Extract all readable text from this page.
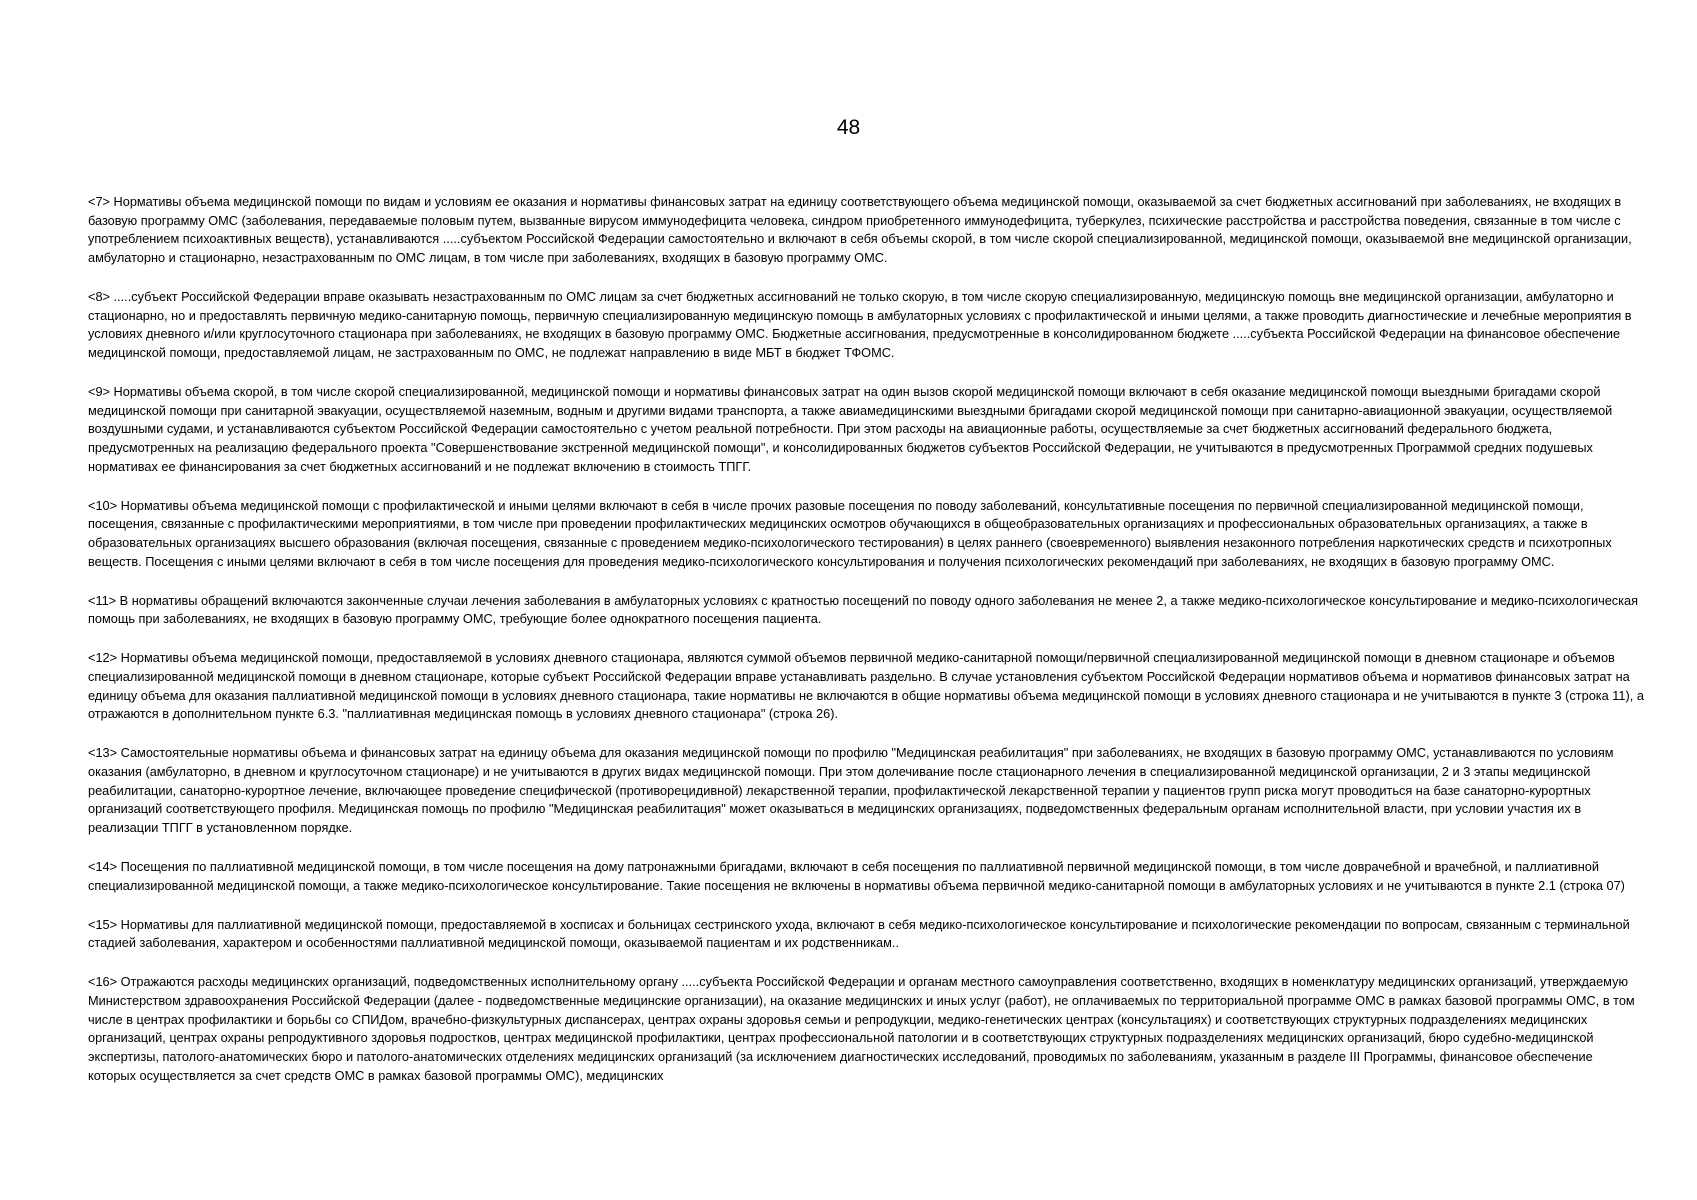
48

<7> Нормативы объема медицинской помощи по видам и условиям ее оказания и нормативы финансовых затрат на единицу соответствующего объема медицинской помощи, оказываемой за счет бюджетных ассигнований при заболеваниях, не входящих в базовую программу ОМС (заболевания, передаваемые половым путем, вызванные вирусом иммунодефицита человека, синдром приобретенного иммунодефицита, туберкулез, психические расстройства и расстройства поведения, связанные в том числе с употреблением психоактивных веществ), устанавливаются .....субъектом Российской Федерации самостоятельно и включают в себя объемы скорой, в том числе скорой специализированной, медицинской помощи, оказываемой вне медицинской организации, амбулаторно и стационарно, незастрахованным по ОМС лицам, в том числе при заболеваниях, входящих в базовую программу ОМС.

<8> .....субъект Российской Федерации вправе оказывать незастрахованным по ОМС лицам за счет бюджетных ассигнований не только скорую, в том числе скорую специализированную, медицинскую помощь вне медицинской организации, амбулаторно и стационарно, но и предоставлять первичную медико-санитарную помощь, первичную специализированную медицинскую помощь в амбулаторных условиях с профилактической и иными целями, а также проводить диагностические и лечебные мероприятия в условиях дневного и/или круглосуточного стационара при заболеваниях, не входящих в базовую программу ОМС. Бюджетные ассигнования, предусмотренные в консолидированном бюджете .....субъекта Российской Федерации на финансовое обеспечение медицинской помощи, предоставляемой лицам, не застрахованным по ОМС, не подлежат направлению в виде МБТ в бюджет ТФОМС.

<9> Нормативы объема скорой, в том числе скорой специализированной, медицинской помощи и нормативы финансовых затрат на один вызов скорой медицинской помощи включают в себя оказание медицинской помощи выездными бригадами скорой медицинской помощи при санитарной эвакуации, осуществляемой наземным, водным и другими видами транспорта, а также авиамедицинскими выездными бригадами скорой медицинской помощи при санитарно-авиационной эвакуации, осуществляемой воздушными судами, и устанавливаются субъектом Российской Федерации самостоятельно с учетом реальной потребности. При этом расходы на авиационные работы, осуществляемые за счет бюджетных ассигнований федерального бюджета, предусмотренных на реализацию федерального проекта "Совершенствование экстренной медицинской помощи", и консолидированных бюджетов субъектов Российской Федерации, не учитываются в предусмотренных Программой средних подушевых нормативах ее финансирования за счет бюджетных ассигнований и не подлежат включению в стоимость ТПГГ.

<10> Нормативы объема медицинской помощи с профилактической и иными целями включают в себя в числе прочих разовые посещения по поводу заболеваний, консультативные посещения по первичной специализированной медицинской помощи, посещения, связанные с профилактическими мероприятиями, в том числе при проведении профилактических медицинских осмотров обучающихся в общеобразовательных организациях и профессиональных образовательных организациях, а также в образовательных организациях высшего образования (включая посещения, связанные с проведением медико-психологического тестирования) в целях раннего (своевременного) выявления незаконного потребления наркотических средств и психотропных веществ. Посещения с иными целями включают в себя в том числе посещения для проведения медико-психологического консультирования и получения психологических рекомендаций при заболеваниях, не входящих в базовую программу ОМС.

<11> В нормативы обращений включаются законченные случаи лечения заболевания в амбулаторных условиях с кратностью посещений по поводу одного заболевания не менее 2, а также медико-психологическое консультирование и медико-психологическая помощь при заболеваниях, не входящих в базовую программу ОМС, требующие более однократного посещения пациента.

<12> Нормативы объема медицинской помощи, предоставляемой в условиях дневного стационара, являются суммой объемов первичной медико-санитарной помощи/первичной специализированной медицинской помощи в дневном стационаре и объемов специализированной медицинской помощи в дневном стационаре, которые субъект Российской Федерации вправе устанавливать раздельно. В случае установления субъектом Российской Федерации нормативов объема и нормативов финансовых затрат на единицу объема для оказания паллиативной медицинской помощи в условиях дневного стационара, такие нормативы не включаются в общие нормативы объема медицинской помощи в условиях дневного стационара и не учитываются в пункте 3 (строка 11), а отражаются в дополнительном пункте 6.3. "паллиативная медицинская помощь в условиях дневного стационара" (строка 26).

<13> Самостоятельные нормативы объема и финансовых затрат на единицу объема для оказания медицинской помощи по профилю "Медицинская реабилитация" при заболеваниях, не входящих в базовую программу ОМС, устанавливаются по условиям оказания (амбулаторно, в дневном и круглосуточном стационаре) и не учитываются в других видах медицинской помощи. При этом долечивание после стационарного лечения в специализированной медицинской организации, 2 и 3 этапы медицинской реабилитации, санаторно-курортное лечение, включающее проведение специфической (противорецидивной) лекарственной терапии, профилактической лекарственной терапии у пациентов групп риска могут проводиться на базе санаторно-курортных организаций соответствующего профиля. Медицинская помощь по профилю "Медицинская реабилитация" может оказываться в медицинских организациях, подведомственных федеральным органам исполнительной власти, при условии участия их в реализации ТПГГ в установленном порядке.

<14> Посещения по паллиативной медицинской помощи, в том числе посещения на дому патронажными бригадами, включают в себя посещения по паллиативной первичной медицинской помощи, в том числе доврачебной и врачебной, и паллиативной специализированной медицинской помощи, а также медико-психологическое консультирование. Такие посещения не включены в нормативы объема первичной медико-санитарной помощи в амбулаторных условиях и не учитываются в пункте 2.1 (строка 07)

<15> Нормативы для паллиативной медицинской помощи, предоставляемой в хосписах и больницах сестринского ухода, включают в себя медико-психологическое консультирование и психологические рекомендации по вопросам, связанным с терминальной стадией заболевания, характером и особенностями паллиативной медицинской помощи, оказываемой пациентам и их родственникам..

<16> Отражаются расходы медицинских организаций, подведомственных исполнительному органу .....субъекта Российской Федерации и органам местного самоуправления соответственно, входящих в номенклатуру медицинских организаций, утверждаемую Министерством здравоохранения Российской Федерации (далее - подведомственные медицинские организации), на оказание медицинских и иных услуг (работ), не оплачиваемых по территориальной программе ОМС в рамках базовой программы ОМС, в том числе в центрах профилактики и борьбы со СПИДом, врачебно-физкультурных диспансерах, центрах охраны здоровья семьи и репродукции, медико-генетических центрах (консультациях) и соответствующих структурных подразделениях медицинских организаций, центрах охраны репродуктивного здоровья подростков, центрах медицинской профилактики, центрах профессиональной патологии и в соответствующих структурных подразделениях медицинских организаций, бюро судебно-медицинской экспертизы, патолого-анатомических бюро и патолого-анатомических отделениях медицинских организаций (за исключением диагностических исследований, проводимых по заболеваниям, указанным в разделе III Программы, финансовое обеспечение которых осуществляется за счет средств ОМС в рамках базовой программы ОМС), медицинских
